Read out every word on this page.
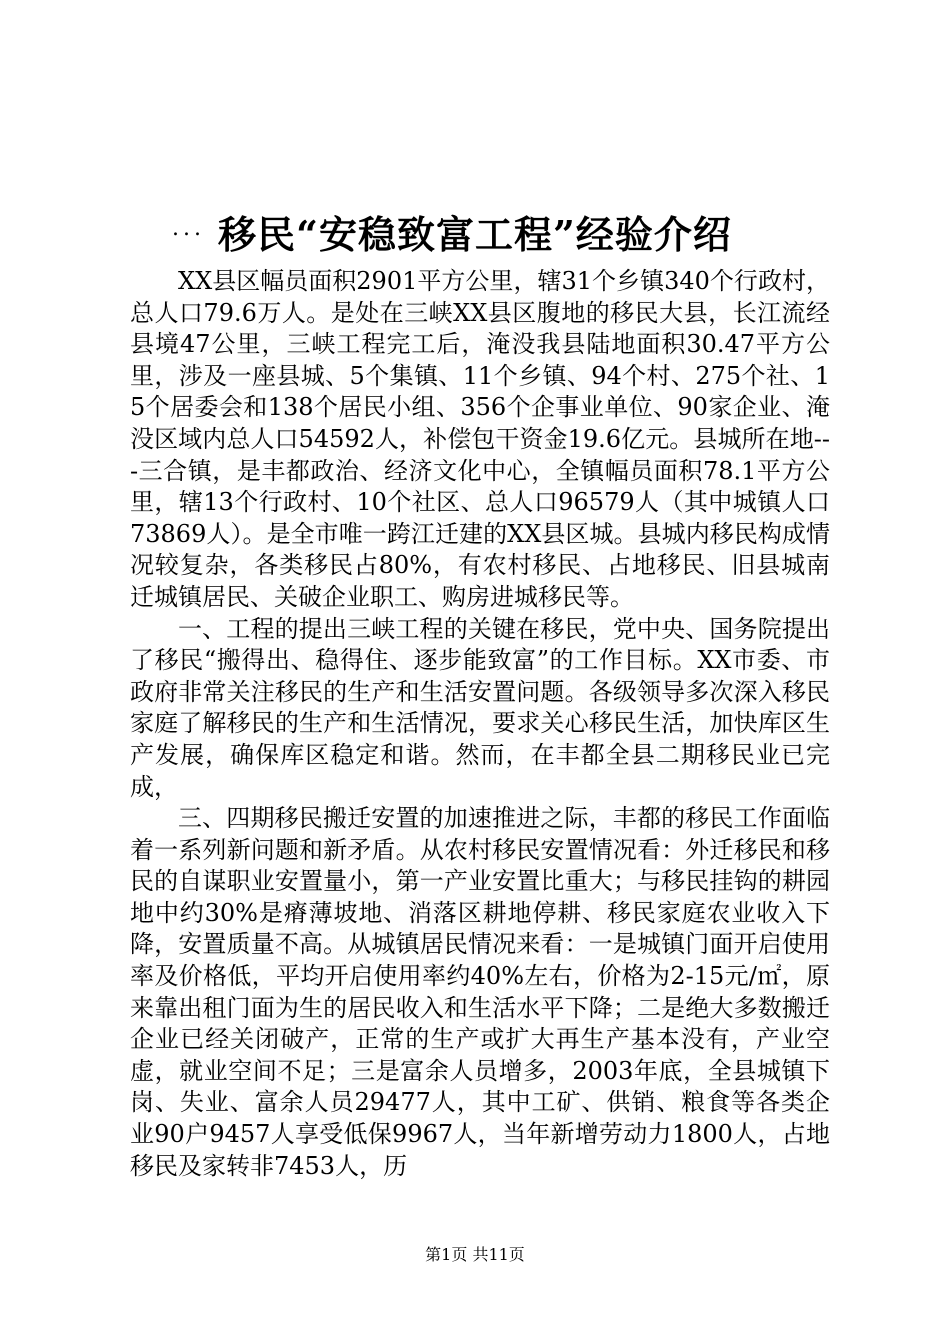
移民“安稳致富工程”经验介绍
...

XX县区幅员面积2901平方公里，辖31个乡镇340个行政村，总人口79.6万人。是处在三峡XX县区腹地的移民大县，长江流经县境47公里，三峡工程完工后，淹没我县陆地面积30.47平方公里，涉及一座县城、5个集镇、11个乡镇、94个村、275个社、15个居委会和138个居民小组、356个企事业单位、90家企业、淹没区域内总人口54592人，补偿包干资金19.6亿元。县城所在地---三合镇，是丰都政治、经济文化中心，全镇幅员面积78.1平方公里，辖13个行政村、10个社区、总人口96579人（其中城镇人口73869人）。是全市唯一跨江迁建的XX县区城。县城内移民构成情况较复杂，各类移民占80%，有农村移民、占地移民、旧县城南迁城镇居民、关破企业职工、购房进城移民等。

一、工程的提出三峡工程的关键在移民，党中央、国务院提出了移民“搬得出、稳得住、逐步能致富”的工作目标。XX市委、市政府非常关注移民的生产和生活安置问题。各级领导多次深入移民家庭了解移民的生产和生活情况，要求关心移民生活，加快库区生产发展，确保库区稳定和谐。然而，在丰都全县二期移民业已完成，

三、四期移民搬迁安置的加速推进之际，丰都的移民工作面临着一系列新问题和新矛盾。从农村移民安置情况看：外迁移民和移民的自谋职业安置量小，第一产业安置比重大；与移民挂钩的耕园地中约30%是瘠薄坡地、消落区耕地停耕、移民家庭农业收入下降，安置质量不高。从城镇居民情况来看：一是城镇门面开启使用率及价格低，平均开启使用率约40%左右，价格为2-15元/㎡，原来靠出租门面为生的居民收入和生活水平下降；二是绝大多数搬迁企业已经关闭破产，正常的生产或扩大再生产基本没有，产业空虚，就业空间不足；三是富余人员增多，2003年底，全县城镇下岗、失业、富余人员29477人，其中工矿、供销、粮食等各类企业90户9457人享受低保9967人，当年新增劳动力1800人，占地移民及家转非7453人，历

第1页 共11页
